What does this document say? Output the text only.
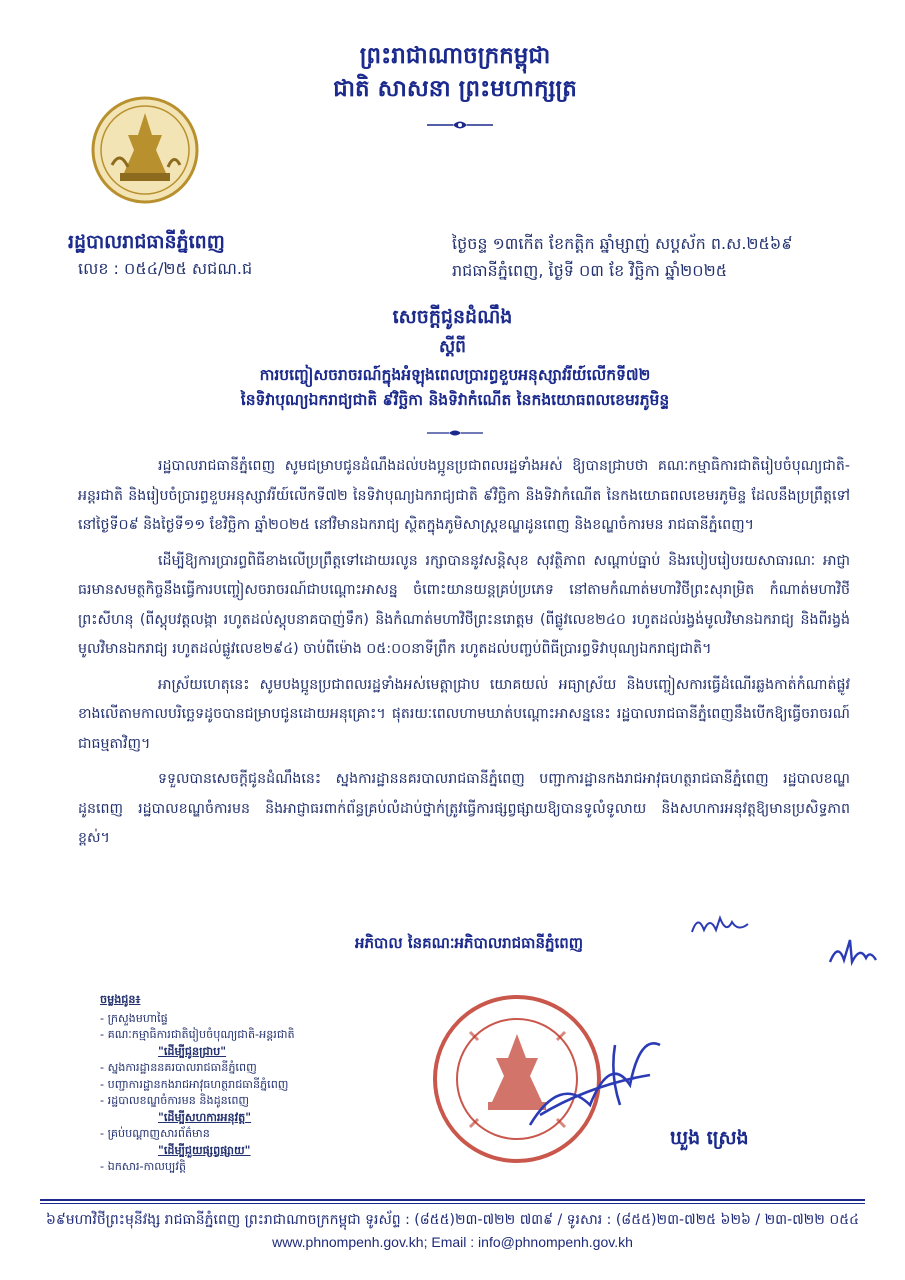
ព្រះរាជាណាចក្រកម្ពុជា
ជាតិ សាសនា ព្រះមហាក្សត្រ
រដ្ឋបាលរាជធានីភ្នំពេញ
លេខ : ០៥៤/២៥ សជណ.ជ
ថ្ងៃចន្ទ ១៣កើត ខែកត្តិក ឆ្នាំម្សាញ់ សប្តស័ក ព.ស.២៥៦៩
រាជធានីភ្នំពេញ, ថ្ងៃទី ០៣ ខែ វិច្ឆិកា ឆ្នាំ២០២៥
សេចក្ដីជូនដំណឹង
ស្ដីពី
ការបញ្ចៀសចរាចរណ៍ក្នុងអំឡុងពេលប្រារព្ធខួបអនុស្សាវរីយ៍លើកទី៧២
នៃទិវាបុណ្យឯករាជ្យជាតិ ៩វិច្ឆិកា និងទិវាកំណើត នៃកងយោធពលខេមរភូមិន្ទ

រដ្ឋបាលរាជធានីភ្នំពេញ សូមជម្រាបជូនដំណឹងដល់បងប្អូនប្រជាពលរដ្ឋទាំងអស់ ឱ្យបានជ្រាបថា គណៈកម្មាធិការជាតិរៀបចំបុណ្យជាតិ-អន្តរជាតិ និងរៀបចំប្រារព្ធខួបអនុស្សាវរីយ៍លើកទី៧២ នៃទិវាបុណ្យឯករាជ្យជាតិ ៩វិច្ឆិកា និងទិវាកំណើត នៃកងយោធពលខេមរភូមិន្ទ ដែលនឹងប្រព្រឹត្តទៅនៅថ្ងៃទី០៩ និងថ្ងៃទី១១ ខែវិច្ឆិកា ឆ្នាំ២០២៥ នៅវិមានឯករាជ្យ ស្ថិតក្នុងភូមិសាស្ត្រខណ្ឌដូនពេញ និងខណ្ឌចំការមន រាជធានីភ្នំពេញ។

ដើម្បីឱ្យការប្រារព្ធពិធីខាងលើប្រព្រឹត្តទៅដោយរលូន រក្សាបាននូវសន្តិសុខ សុវត្ថិភាព សណ្ដាប់ធ្នាប់ និងរបៀបរៀបរយសាធារណៈ អាជ្ញាធរមានសមត្ថកិច្ចនឹងធ្វើការបញ្ចៀសចរាចរណ៍ជាបណ្ដោះអាសន្ន ចំពោះយានយន្តគ្រប់ប្រភេទ នៅតាមកំណាត់មហាវិថីព្រះសុរាម្រិត កំណាត់មហាវិថីព្រះសីហនុ (ពីស្តុបវត្តលង្កា រហូតដល់ស្តុបនាគបាញ់ទឹក) និងកំណាត់មហាវិថីព្រះនរោត្តម (ពីផ្លូវលេខ២៤០ រហូតដល់រង្វង់មូលវិមានឯករាជ្យ និងពីរង្វង់មូលវិមានឯករាជ្យ រហូតដល់ផ្លូវលេខ២៩៤) ចាប់ពីម៉ោង ០៥:០០នាទីព្រឹក រហូតដល់បញ្ចប់ពិធីប្រារព្ធទិវាបុណ្យឯករាជ្យជាតិ។

អាស្រ័យហេតុនេះ សូមបងប្អូនប្រជាពលរដ្ឋទាំងអស់មេត្តាជ្រាប យោគយល់ អធ្យាស្រ័យ និងបញ្ចៀសការធ្វើដំណើរឆ្លងកាត់កំណាត់ផ្លូវខាងលើតាមកាលបរិច្ឆេទដូចបានជម្រាបជូនដោយអនុគ្រោះ។ ផុតរយៈពេលហាមឃាត់បណ្ដោះអាសន្ននេះ រដ្ឋបាលរាជធានីភ្នំពេញនឹងបើកឱ្យធ្វើចរាចរណ៍ជាធម្មតាវិញ។

ទទួលបានសេចក្ដីជូនដំណឹងនេះ ស្នងការដ្ឋាននគរបាលរាជធានីភ្នំពេញ បញ្ជាការដ្ឋានកងរាជអាវុធហត្ថរាជធានីភ្នំពេញ រដ្ឋបាលខណ្ឌដូនពេញ រដ្ឋបាលខណ្ឌចំការមន និងអាជ្ញាធរពាក់ព័ន្ធគ្រប់លំដាប់ថ្នាក់ត្រូវធ្វើការផ្សព្វផ្សាយឱ្យបានទូលំទូលាយ និងសហការអនុវត្តឱ្យមានប្រសិទ្ធភាពខ្ពស់។

អភិបាល នៃគណៈអភិបាលរាជធានីភ្នំពេញ
ឃួង ស្រេង
ចម្លងជូន៖
- ក្រសួងមហាផ្ទៃ
- គណៈកម្មាធិការជាតិរៀបចំបុណ្យជាតិ-អន្តរជាតិ
"ដើម្បីជូនជ្រាប"
- ស្នងការដ្ឋាននគរបាលរាជធានីភ្នំពេញ
- បញ្ជាការដ្ឋានកងរាជអាវុធហត្ថរាជធានីភ្នំពេញ
- រដ្ឋបាលខណ្ឌចំការមន និងដូនពេញ
"ដើម្បីសហការអនុវត្ត"
- គ្រប់បណ្ដាញសារព័ត៌មាន
"ដើម្បីជួយផ្សព្វផ្សាយ"
- ឯកសារ-កាលប្បវត្តិ
៦៩មហាវិថីព្រះមុនីវង្ស រាជធានីភ្នំពេញ ព្រះរាជាណាចក្រកម្ពុជា ទូរស័ព្ទ : (៨៥៥)២៣-៧២២ ៧៣៩ / ទូរសារ : (៨៥៥)២៣-៧២៥ ៦២៦ / ២៣-៧២២ ០៥៤
www.phnompenh.gov.kh; Email : info@phnompenh.gov.kh
